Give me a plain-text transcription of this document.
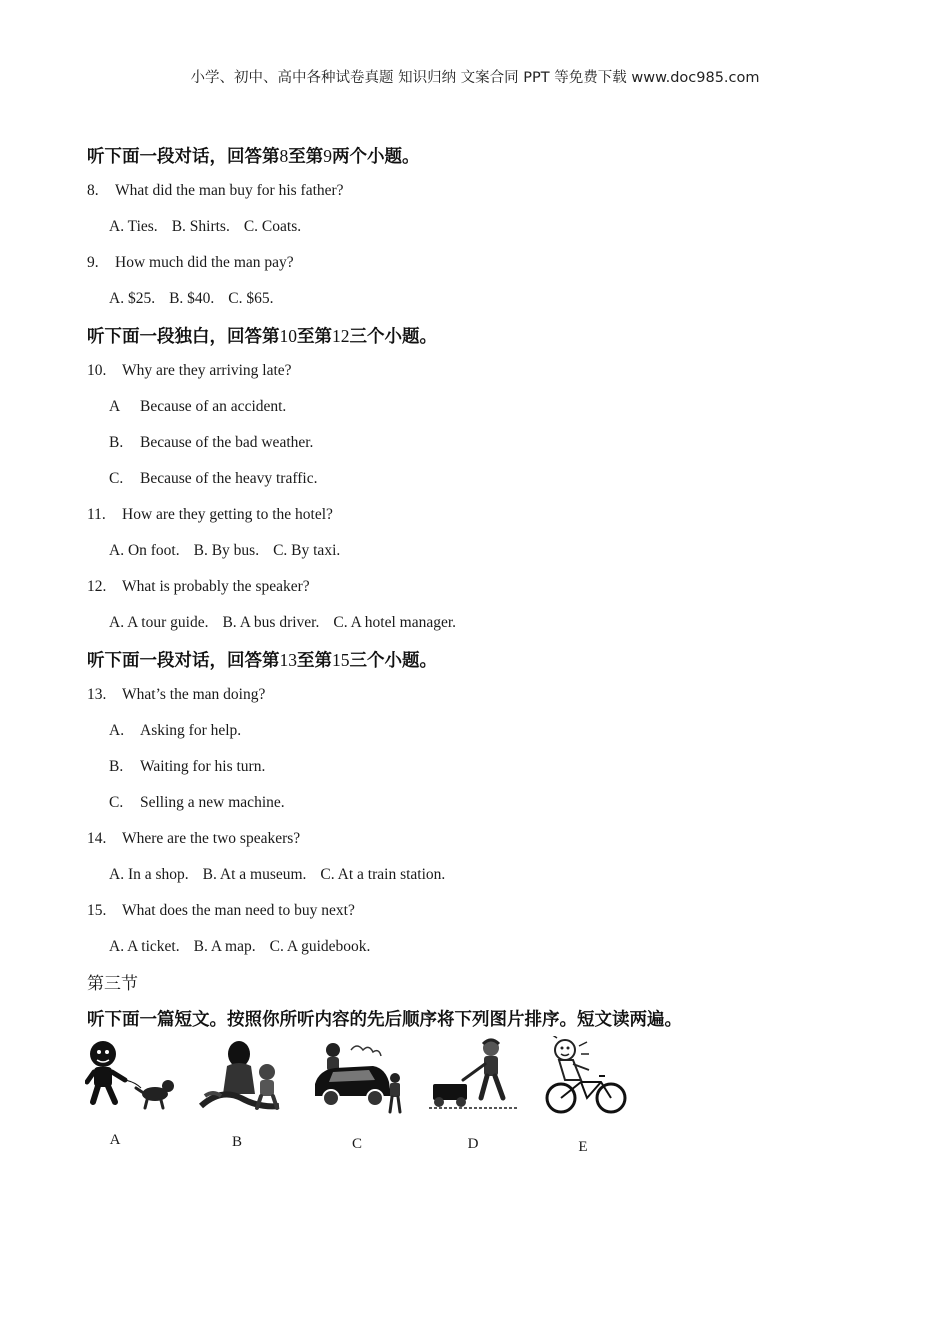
小学、初中、高中各种试卷真题 知识归纳 文案合同 PPT 等免费下载 www.doc985.com
听下面一段对话，回答第8至第9两个小题。
8. What did the man buy for his father?
A. Ties. B. Shirts. C. Coats.
9. How much did the man pay?
A. $25. B. $40. C. $65.
听下面一段独白，回答第10至第12三个小题。
10. Why are they arriving late?
A Because of an accident.
B. Because of the bad weather.
C. Because of the heavy traffic.
11. How are they getting to the hotel?
A. On foot. B. By bus. C. By taxi.
12. What is probably the speaker?
A. A tour guide. B. A bus driver. C. A hotel manager.
听下面一段对话，回答第13至第15三个小题。
13. What’s the man doing?
A. Asking for help.
B. Waiting for his turn.
C. Selling a new machine.
14. Where are the two speakers?
A. In a shop. B. At a museum. C. At a train station.
15. What does the man need to buy next?
A. A ticket. B. A map. C. A guidebook.
第三节
听下面一篇短文。按照你所听内容的先后顺序将下列图片排序。短文读两遍。
A	B	C	D	E
